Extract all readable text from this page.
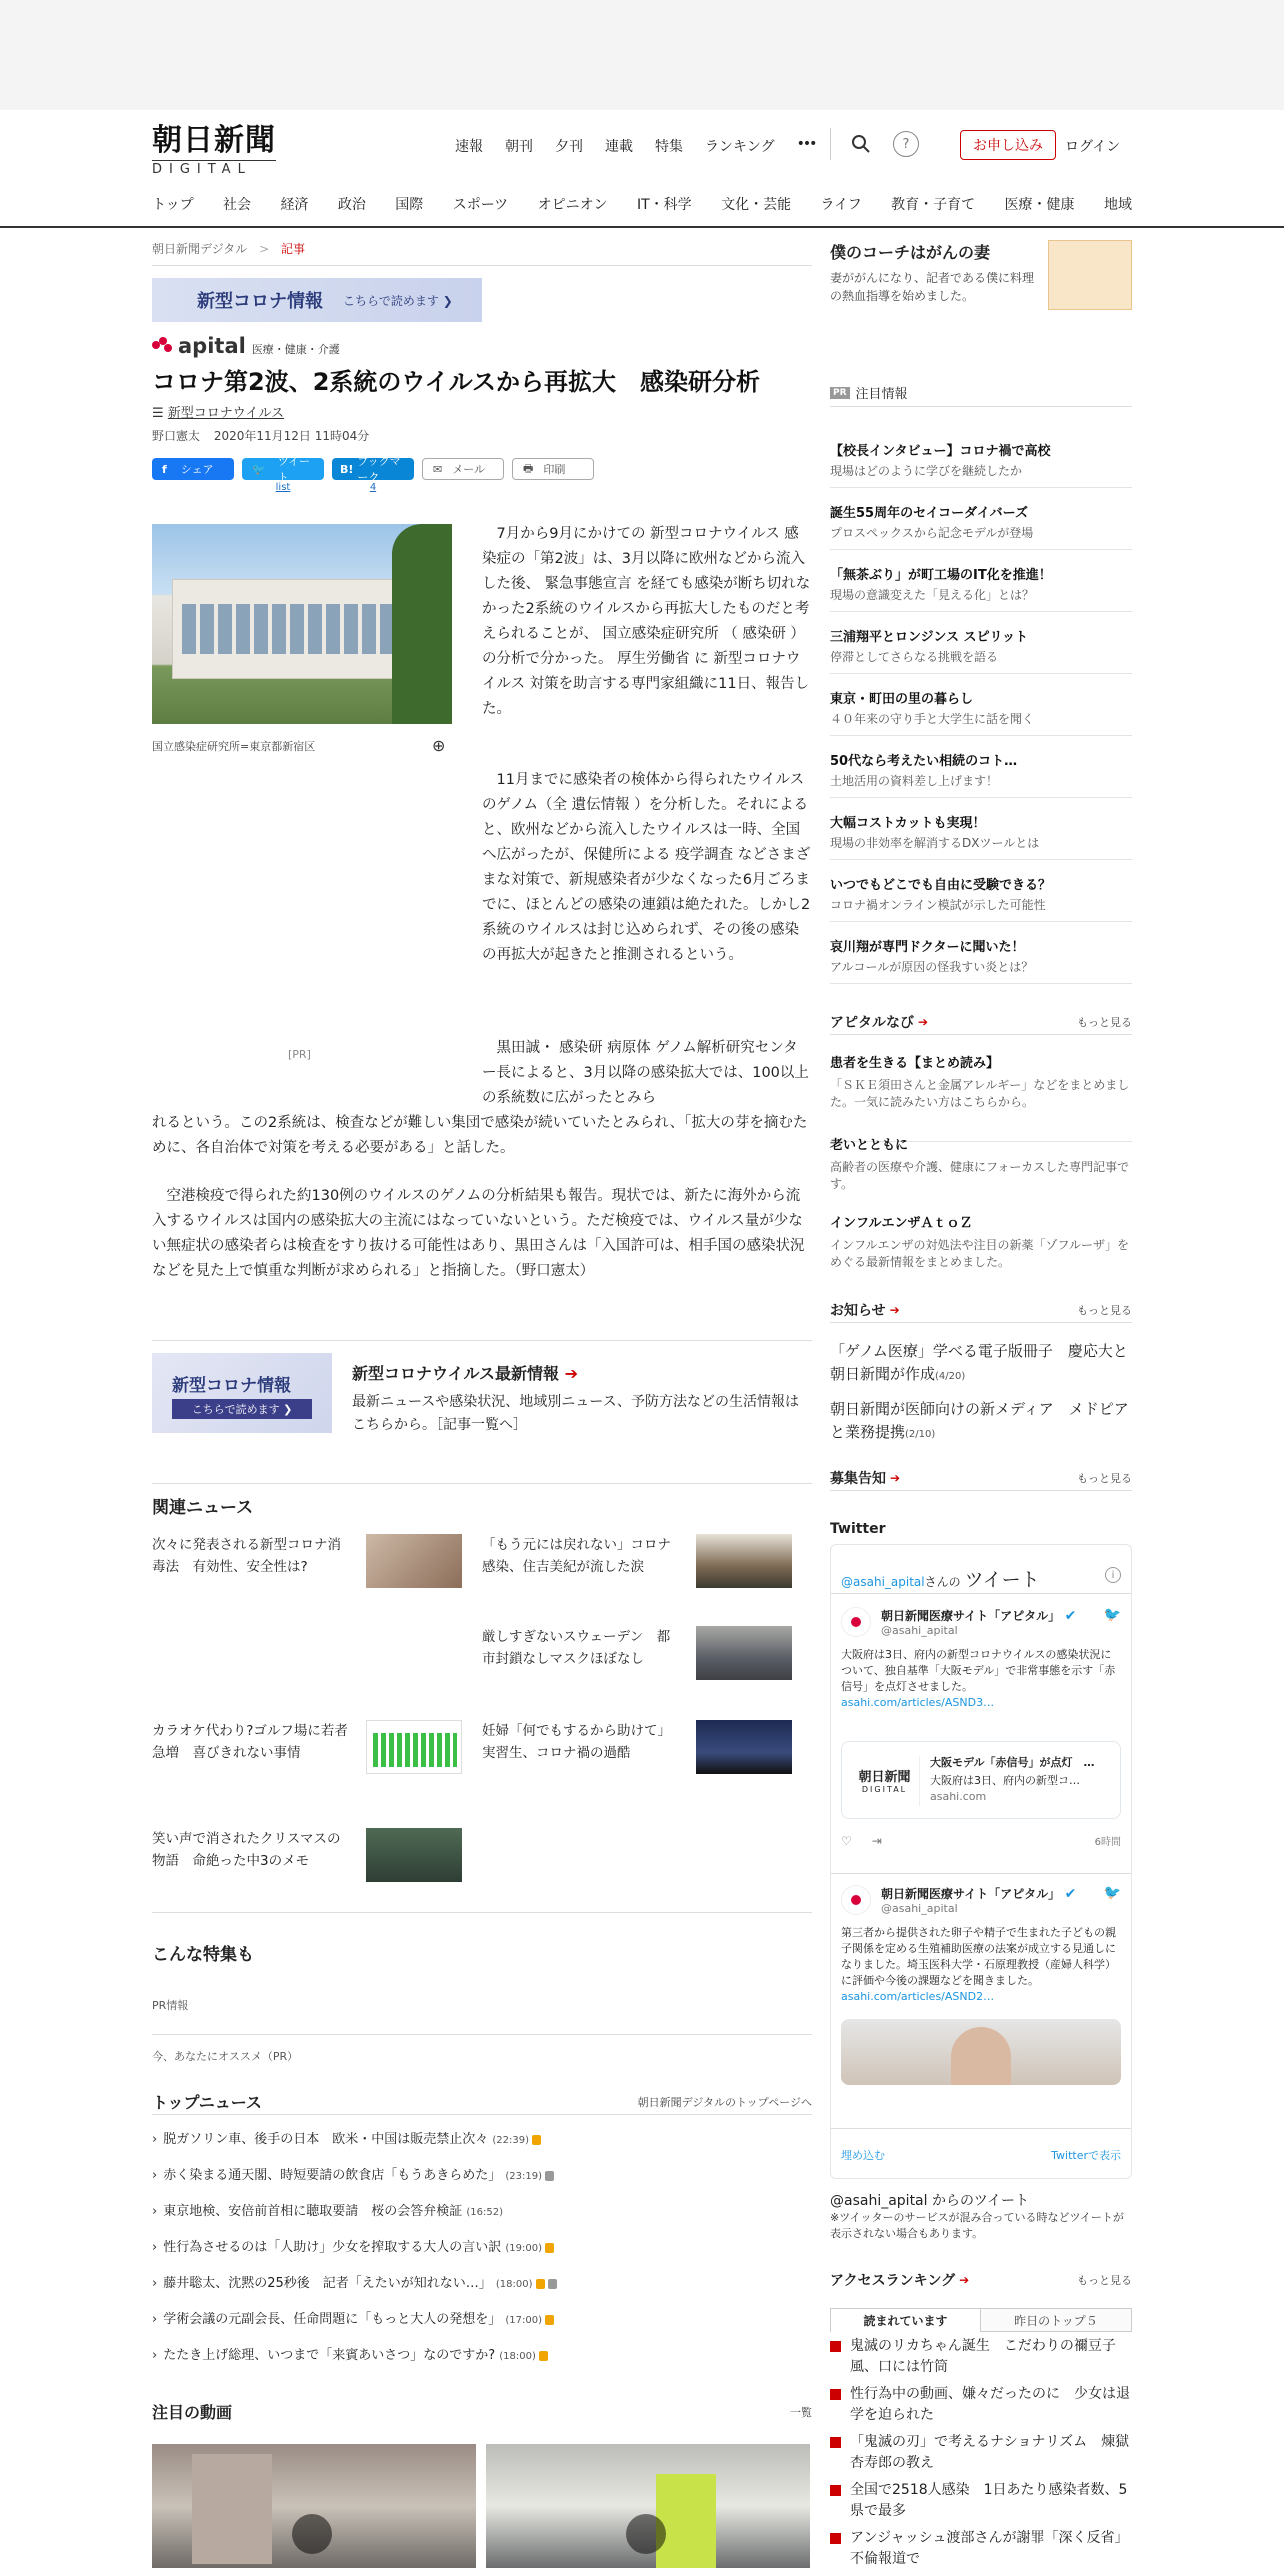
朝日新聞
DIGITAL
速報 朝刊 夕刊 連載 特集 ランキング •••	?	お申し込み	ログイン
トップ 社会 経済 政治 国際 スポーツ オピニオン IT・科学 文化・芸能 ライフ 教育・子育て 医療・健康 地域
朝日新聞デジタル > 記事
新型コロナ情報 こちらで読めます ❯
apital 医療・健康・介護
コロナ第2波、2系統のウイルスから再拡大　感染研分析
☰ 新型コロナウイルス
野口憲太 2020年11月12日 11時04分
f シェア	🐦
ツイート
list
B!
ブックマーク
4
✉ メール	🖶 印刷
国立感染症研究所=東京都新宿区	⊕
[PR]
7月から9月にかけての 新型コロナウイルス 感染症の「第2波」は、3月以降に欧州などから流入した後、 緊急事態宣言 を経ても感染が断ち切れなかった2系統のウイルスから再拡大したものだと考えられることが、 国立感染症研究所 （ 感染研 ）の分析で分かった。 厚生労働省 に 新型コロナウイルス 対策を助言する専門家組織に11日、報告した。
11月までに感染者の検体から得られたウイルスのゲノム（全 遺伝情報 ）を分析した。それによると、欧州などから流入したウイルスは一時、全国へ広がったが、保健所による 疫学調査 などさまざまな対策で、新規感染者が少なくなった6月ごろまでに、ほとんどの感染の連鎖は絶たれた。しかし2系統のウイルスは封じ込められず、その後の感染の再拡大が起きたと推測されるという。
黒田誠・ 感染研 病原体 ゲノム解析研究センター長によると、3月以降の感染拡大では、100以上の系統数に広がったとみら
れるという。この2系統は、検査などが難しい集団で感染が続いていたとみられ、「拡大の芽を摘むために、各自治体で対策を考える必要がある」と話した。
空港検疫で得られた約130例のウイルスのゲノムの分析結果も報告。現状では、新たに海外から流入するウイルスは国内の感染拡大の主流にはなっていないという。ただ検疫では、ウイルス量が少ない無症状の感染者らは検査をすり抜ける可能性はあり、黒田さんは「入国許可は、相手国の感染状況などを見た上で慎重な判断が求められる」と指摘した。（野口憲太）
新型コロナ情報
こちらで読めます ❯
新型コロナウイルス最新情報 ➔
最新ニュースや感染状況、地域別ニュース、予防方法などの生活情報はこちらから。［記事一覧へ］
関連ニュース
次々に発表される新型コロナ消毒法　有効性、安全性は?
「もう元には戻れない」コロナ感染、住吉美紀が流した涙
厳しすぎないスウェーデン　都市封鎖なしマスクほぼなし
カラオケ代わり?ゴルフ場に若者急増　喜びきれない事情
妊婦「何でもするから助けて」　実習生、コロナ禍の過酷
笑い声で消されたクリスマスの物語　命絶った中3のメモ
こんな特集も
PR情報
今、あなたにオススメ（PR）
トップニュース	朝日新聞デジタルのトップページへ
› 脱ガソリン車、後手の日本　欧米・中国は販売禁止次々 (22:39)
› 赤く染まる通天閣、時短要請の飲食店「もうあきらめた」 (23:19)
› 東京地検、安倍前首相に聴取要請　桜の会答弁検証 (16:52)
› 性行為させるのは「人助け」少女を搾取する大人の言い訳 (19:00)
› 藤井聡太、沈黙の25秒後　記者「えたいが知れない…」 (18:00)
› 学術会議の元副会長、任命問題に「もっと大人の発想を」 (17:00)
› たたき上げ総理、いつまで「来賓あいさつ」なのですか? (18:00)
注目の動画	一覧
僕のコーチはがんの妻
妻ががんになり、記者である僕に料理の熱血指導を始めました。
PR 注目情報
【校長インタビュー】コロナ禍で高校
現場はどのように学びを継続したか
誕生55周年のセイコーダイバーズ
プロスペックスから記念モデルが登場
「無茶ぶり」が町工場のIT化を推進！
現場の意識変えた「見える化」とは？
三浦翔平とロンジンス スピリット
停滞としてさらなる挑戦を語る
東京・町田の里の暮らし
４０年来の守り手と大学生に話を聞く
50代なら考えたい相続のコト…
土地活用の資料差し上げます！
大幅コストカットも実現！
現場の非効率を解消するDXツールとは
いつでもどこでも自由に受験できる？
コロナ禍オンライン模試が示した可能性
哀川翔が専門ドクターに聞いた！
アルコールが原因の怪我すい炎とは？
アピタルなび ➔	もっと見る
患者を生きる【まとめ読み】
「ＳＫＥ須田さんと金属アレルギー」などをまとめました。一気に読みたい方はこちらから。
老いとともに
高齢者の医療や介護、健康にフォーカスした専門記事です。
インフルエンザＡｔｏＺ
インフルエンザの対処法や注目の新薬「ゾフルーザ」をめぐる最新情報をまとめました。
お知らせ ➔	もっと見る
「ゲノム医療」学べる電子版冊子　慶応大と朝日新聞が作成(4/20)
朝日新聞が医師向けの新メディア　メドピアと業務提携(2/10)
募集告知 ➔	もっと見る
Twitter
@asahi_apitalさんの ツイート	i
朝日新聞医療サイト「アピタル」 ✔
@asahi_apital
🐦
大阪府は3日、府内の新型コロナウイルスの感染状況について、独自基準「大阪モデル」で非常事態を示す「赤信号」を点灯させました。
asahi.com/articles/ASND3…
朝日新聞
DIGITAL
大阪モデル「赤信号」が点灯　…
大阪府は3日、府内の新型コ…
asahi.com
♡ ⇥	6時間
朝日新聞医療サイト「アピタル」 ✔
@asahi_apital
🐦
第三者から提供された卵子や精子で生まれた子どもの親子関係を定める生殖補助医療の法案が成立する見通しになりました。埼玉医科大学・石原理教授（産婦人科学）に評価や今後の課題などを聞きました。
asahi.com/articles/ASND2…
埋め込む	Twitterで表示
@asahi_apital からのツイート
※ツイッターのサービスが混み合っている時などツイートが表示されない場合もあります。
アクセスランキング ➔	もっと見る
読まれています	昨日のトップ５
鬼滅のリカちゃん誕生　こだわりの禰豆子風、口には竹筒
性行為中の動画、嫌々だったのに　少女は退学を迫られた
「鬼滅の刃」で考えるナショナリズム　煉獄杏寿郎の教え
全国で2518人感染　1日あたり感染者数、5県で最多
アンジャッシュ渡部さんが謝罪「深く反省」　不倫報道で
